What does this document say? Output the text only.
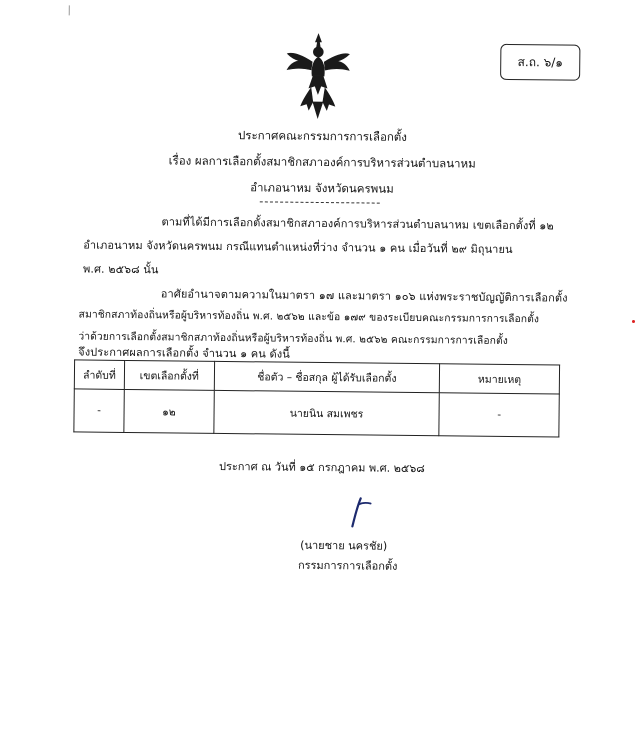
ส.ถ. ๖/๑
ประกาศคณะกรรมการการเลือกตั้ง
เรื่อง ผลการเลือกตั้งสมาชิกสภาองค์การบริหารส่วนตำบลนาหม
อำเภอนาหม จังหวัดนครพนม
ตามที่ได้มีการเลือกตั้งสมาชิกสภาองค์การบริหารส่วนตำบลนาหม เขตเลือกตั้งที่ ๑๒
อำเภอนาหม จังหวัดนครพนม กรณีแทนตำแหน่งที่ว่าง จำนวน ๑ คน เมื่อวันที่ ๒๙ มิถุนายน
พ.ศ. ๒๕๖๘ นั้น
อาศัยอำนาจตามความในมาตรา ๑๗ และมาตรา ๑๐๖ แห่งพระราชบัญญัติการเลือกตั้ง
สมาชิกสภาท้องถิ่นหรือผู้บริหารท้องถิ่น พ.ศ. ๒๕๖๒ และข้อ ๑๗๙ ของระเบียบคณะกรรมการการเลือกตั้ง
ว่าด้วยการเลือกตั้งสมาชิกสภาท้องถิ่นหรือผู้บริหารท้องถิ่น พ.ศ. ๒๕๖๒ คณะกรรมการการเลือกตั้ง
จึงประกาศผลการเลือกตั้ง จำนวน ๑ คน ดังนี้
ลำดับที่	เขตเลือกตั้งที่	ชื่อตัว – ชื่อสกุล ผู้ได้รับเลือกตั้ง	หมายเหตุ
-	๑๒	นายนิน สมเพชร	-
ประกาศ ณ วันที่ ๑๕ กรกฎาคม พ.ศ. ๒๕๖๘
(นายชาย นครชัย)
กรรมการการเลือกตั้ง
